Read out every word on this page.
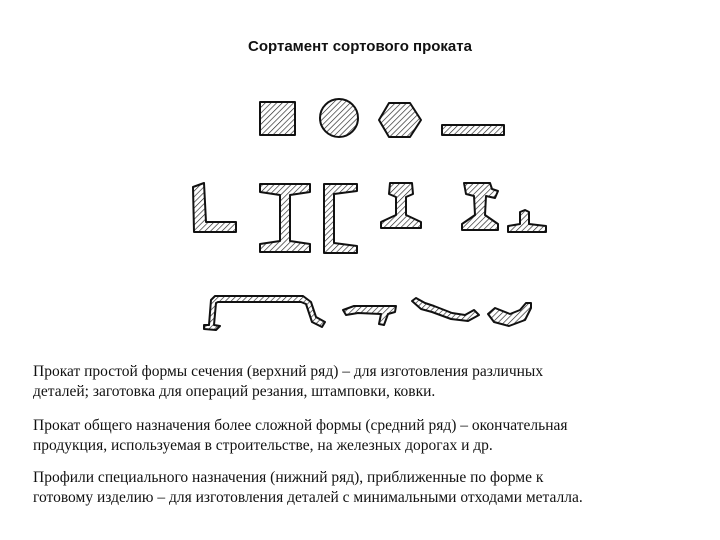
Сортамент сортового проката

Прокат простой формы сечения (верхний ряд) – для изготовления различных
деталей; заготовка для операций резания, штамповки, ковки.

Прокат общего назначения более сложной формы (средний ряд) – окончательная
продукция, используемая в строительстве, на железных дорогах и др.

Профили специального назначения (нижний ряд), приближенные по форме к
готовому изделию – для изготовления деталей с минимальными отходами металла.
